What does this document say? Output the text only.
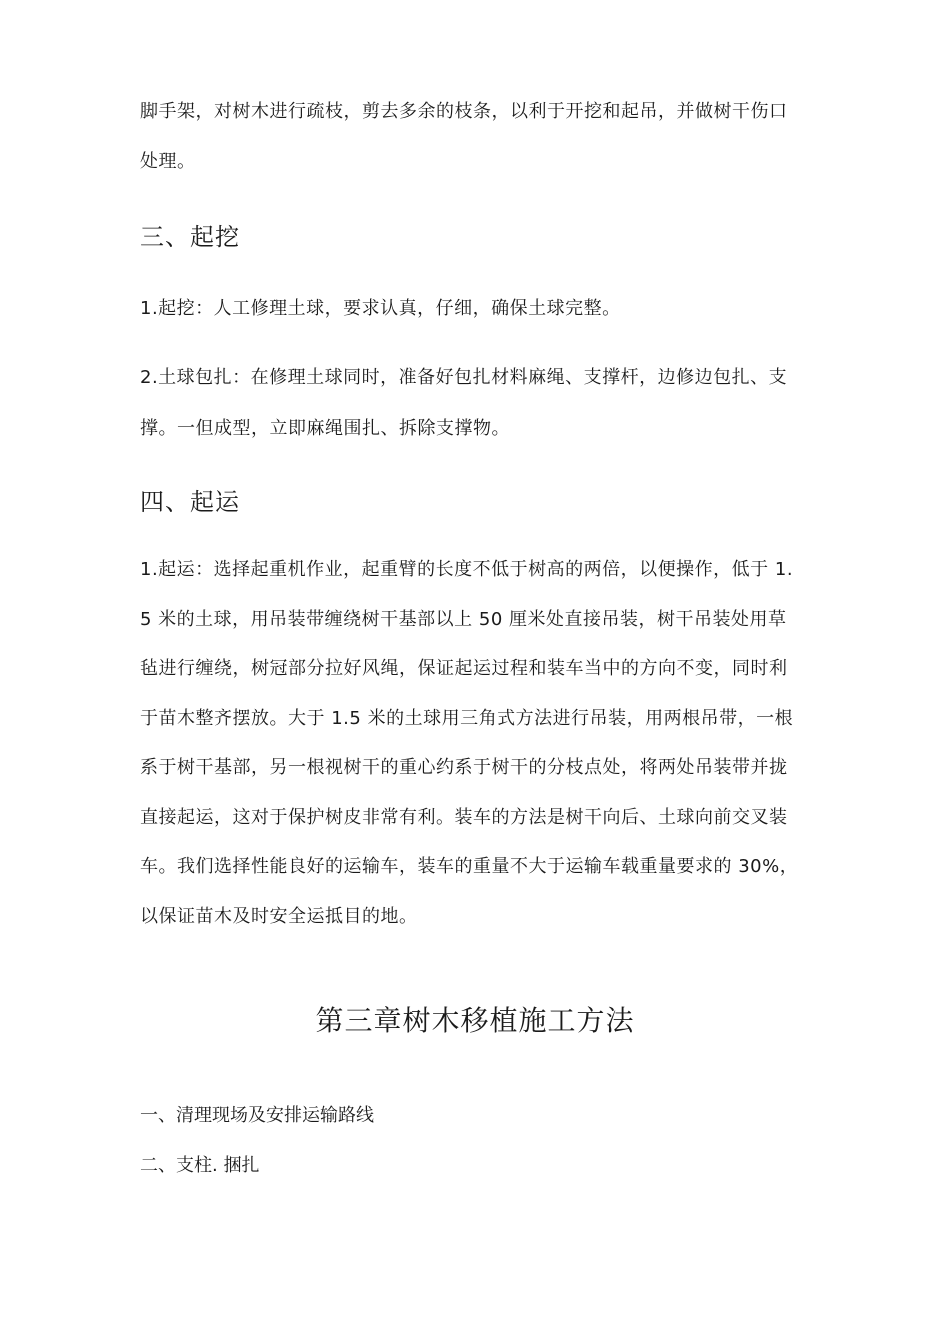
脚手架，对树木进行疏枝，剪去多余的枝条，以利于开挖和起吊，并做树干伤口
处理。
三、起挖
1.起挖：人工修理土球，要求认真，仔细，确保土球完整。
2.土球包扎：在修理土球同时，准备好包扎材料麻绳、支撑杆，边修边包扎、支
撑。一但成型，立即麻绳围扎、拆除支撑物。
四、起运
1.起运：选择起重机作业，起重臂的长度不低于树高的两倍，以便操作，低于 1.
5 米的土球，用吊装带缠绕树干基部以上 50 厘米处直接吊装，树干吊装处用草
毡进行缠绕，树冠部分拉好风绳，保证起运过程和装车当中的方向不变，同时利
于苗木整齐摆放。大于 1.5 米的土球用三角式方法进行吊装，用两根吊带，一根
系于树干基部，另一根视树干的重心约系于树干的分枝点处，将两处吊装带并拢
直接起运，这对于保护树皮非常有利。装车的方法是树干向后、土球向前交叉装
车。我们选择性能良好的运输车，装车的重量不大于运输车载重量要求的 30%，
以保证苗木及时安全运抵目的地。
第三章树木移植施工方法
一、清理现场及安排运输路线
二、支柱. 捆扎
